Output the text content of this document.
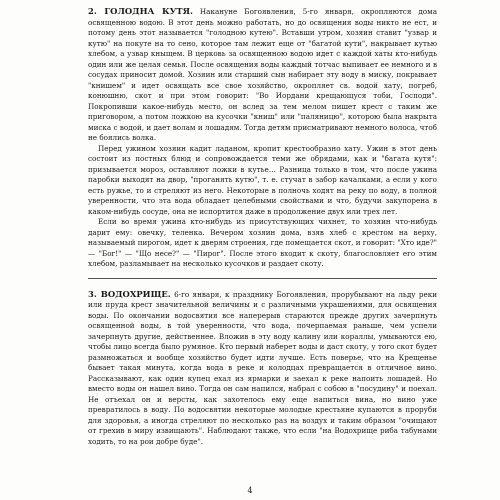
2. ГОЛОДНА КУТЯ. Накануне Богоявления, 5-го января, окропляются дома освященною водою. В этот день можно работать, но до освящения воды никто не ест, и потому день этот называется "голодною кутею". Вставши утром, хозяин ставит "узвар и кутю" на покуте на то сено, которое там лежит еще от "багатой кути", накрывает кутью хлебом, а узвар кныщем. В церковь за освященною водою идет с каждой хаты кто-нибудь один или же целая семья. После освящения воды каждый тотчас выпивает ее немного и в сосудах приносит домой. Хозяин или старший сын набирает эту воду в миску, покрывает "книшем" и идет освящать все свое хозяйство, окропляет св. водой хату, погреб, конюшню, скот и при этом говорит: "Во Иордани крещающуся тоби, Господи". Покропивши какое-нибудь место, он вслед за тем мелом пишет крест с таким же приговором, а потом ложкою на кусочки "книш" или "паляницю", которою была накрыта миска с водой, и дает волам и лошадям. Тогда детям присматривают немного волоса, чтоб не боялись волка.

Перед ужином хозяин кадит ладаном, кропит крестообразно хату. Ужин в этот день состоит из постных блюд и сопровождается теми же обрядами, как и "багата кутя": призывается мороз, оставляют ложки в кутье… Разница только в том, что после ужина паробки выходят на двор, "проганять кутю", т. е. стучат в забор качалками, а если у кого есть ружье, то и стреляют из него. Некоторые в полночь ходят на реку по воду, в полной уверенности, что эта вода обладает целебными свойствами и что, будучи закупорена в каком-нибудь сосуде, она не испортится даже в продолжение двух или трех лет.

Если во время ужина кто-нибудь из присутствующих чихнет, то хозяин что-нибудь дарит ему: овечку, теленка. Вечером хозяин дома, взяв хлеб с крестом на верху, называемый пирогом, идет к дверям строения, где помещается скот, и говорит: "Хто иде?" — "Бог!" — "Що несе?" — "Пирог". После этого входит к скоту, благословляет его этим хлебом, разламывает на несколько кусочков и раздает скоту.

3. ВОДОХРИЩЕ. 6-го января, к празднику Богоявления, прорубывают на льду реки или пруда крест значительной величины и с различными украшениями, для освящения воды. По окончании водосвятия все наперерыв стараются прежде других зачерпнуть освященной воды, в той уверенности, что вода, почерпаемая раньше, чем успели зачерпнуть другие, действеннее. Вложив в эту воду калину или кораллы, умываются ею, чтобы лицо всегда было румяное. Кто первый наберет воды и даст скоту, у того скот будет размножаться и вообще хозяйство будет идти лучше. Есть поверье, что на Крещенье бывает такая минута, когда вода в реке и колодцах превращается в отличное вино. Рассказывают, как один купец ехал из ярмарки и заехал к реке напоить лошадей. Но вместо воды он нашел вино. Тогда он сам напился, набрал с собою в "посудину" и поехал. Не отъехал он и версты, как захотелось ему еще напиться вина, но вино уже превратилось в воду. По водосвятии некоторые молодые крестьяне купаются в проруби для здоровья, а иногда стреляют по несколько раз на воздух и таким образом "очищают от грехив в миру извищають". Наблюдают также, что если "на Водохрище риба табунами ходить, то на рои добре буде".

4
